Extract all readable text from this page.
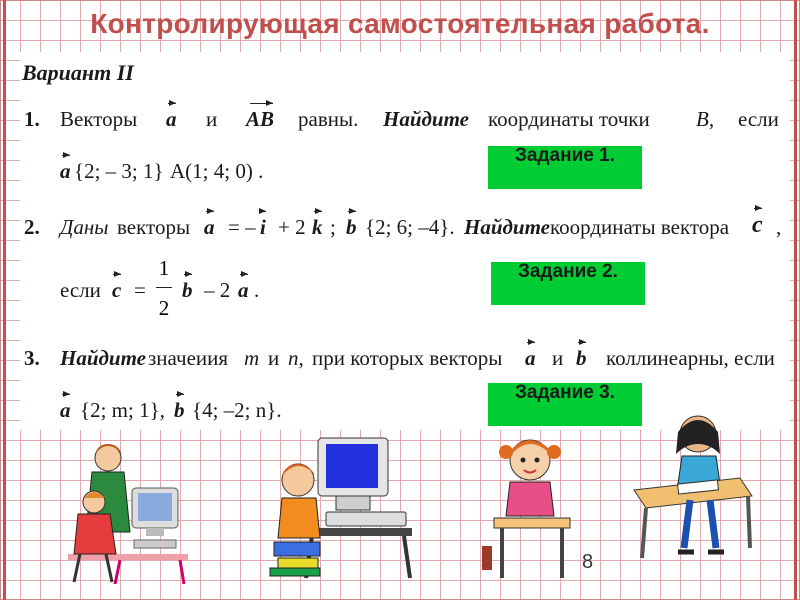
Контролирующая самостоятельная работа.
Вариант II
1. Векторы a и AB равны. Найдите координаты точки B, если
a {2; – 3; 1} A(1; 4; 0) .
2. Даны векторы a = – i + 2 k ; b {2; 6; –4}. Найдите координаты вектора c ,
если c =
1
2
b – 2 a .
3. Найдите значеиия m и n, при которых векторы a и b коллинеарны, если
a {2; m; 1}, b {4; –2; n}.
Задание 1.
Задание 2.
Задание 3.
8
